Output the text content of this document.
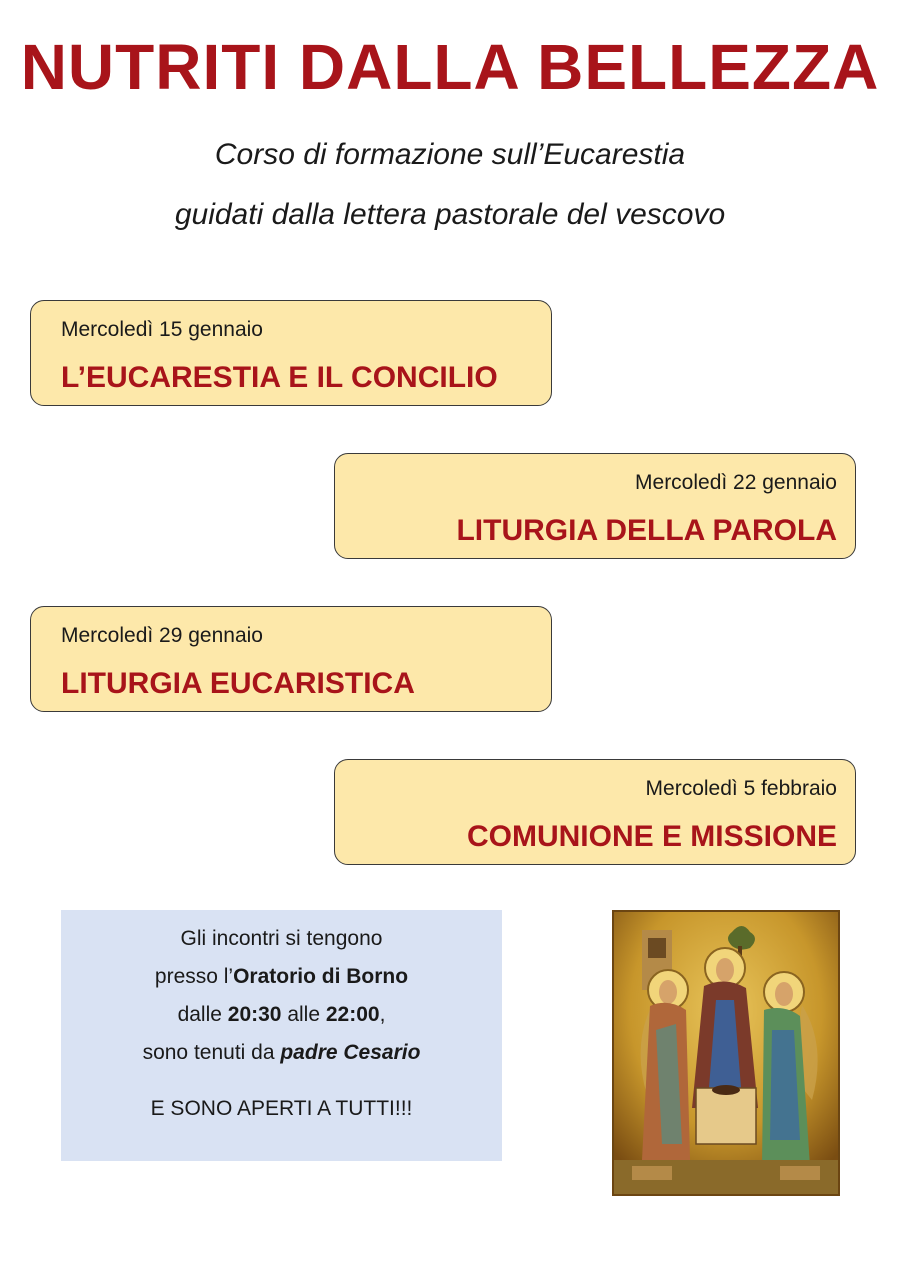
NUTRITI DALLA BELLEZZA
Corso di formazione sull’Eucarestia
guidati dalla lettera pastorale del vescovo
Mercoledì 15 gennaio
L’EUCARESTIA E IL CONCILIO
Mercoledì 22 gennaio
LITURGIA DELLA PAROLA
Mercoledì 29 gennaio
LITURGIA EUCARISTICA
Mercoledì 5 febbraio
COMUNIONE E MISSIONE
Gli incontri si tengono
presso l’Oratorio di Borno
dalle 20:30 alle 22:00,
sono tenuti da padre Cesario
E SONO APERTI A TUTTI!!!
